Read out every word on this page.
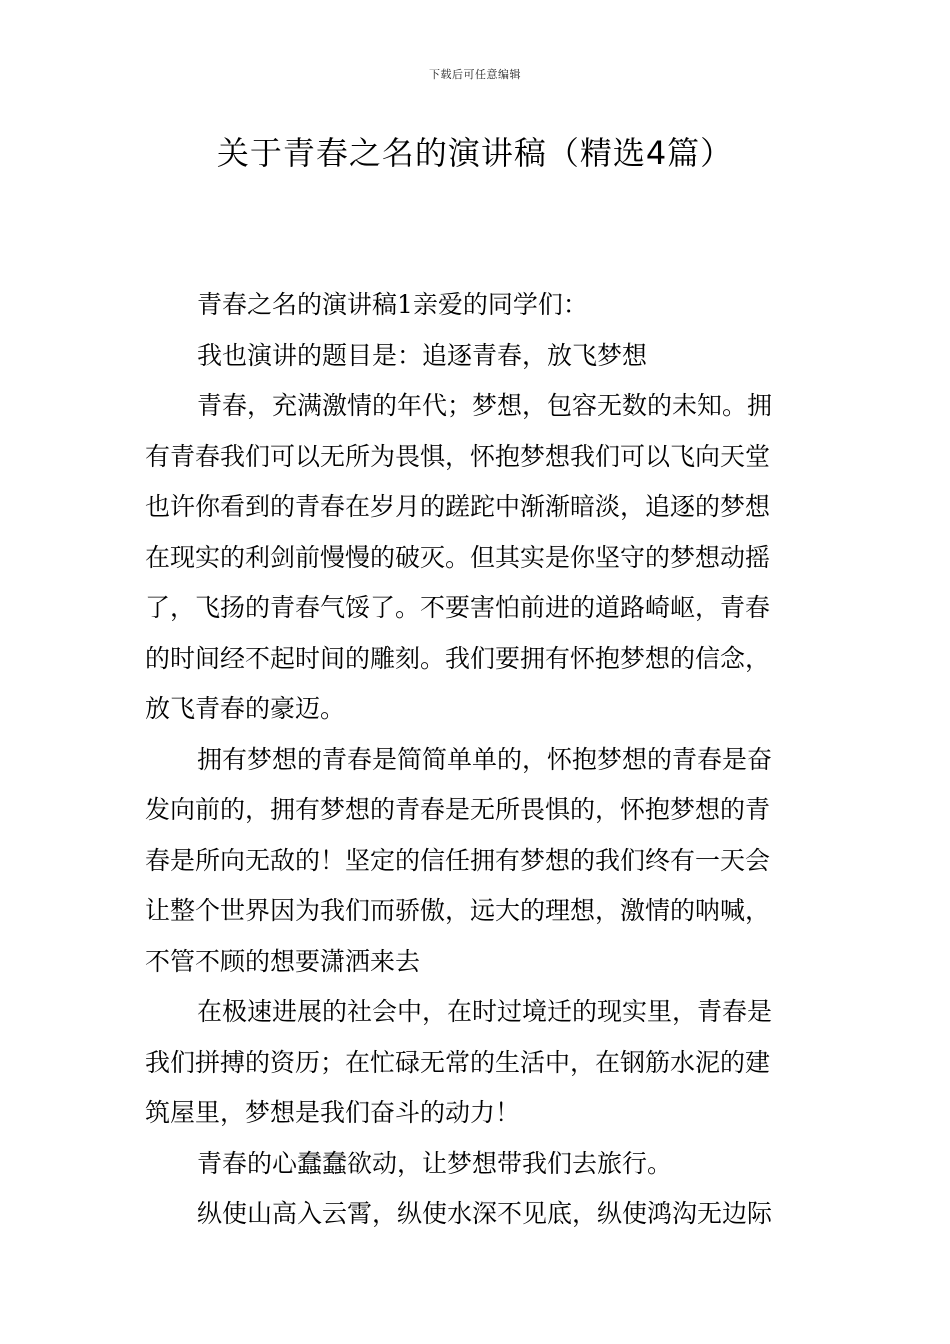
下载后可任意编辑
关于青春之名的演讲稿（精选4篇）
青春之名的演讲稿1亲爱的同学们：
我也演讲的题目是：追逐青春，放飞梦想
青春，充满激情的年代；梦想，包容无数的未知。拥
有青春我们可以无所为畏惧，怀抱梦想我们可以飞向天堂
也许你看到的青春在岁月的蹉跎中渐渐暗淡，追逐的梦想
在现实的利剑前慢慢的破灭。但其实是你坚守的梦想动摇
了，飞扬的青春气馁了。不要害怕前进的道路崎岖，青春
的时间经不起时间的雕刻。我们要拥有怀抱梦想的信念，
放飞青春的豪迈。
拥有梦想的青春是简简单单的，怀抱梦想的青春是奋
发向前的，拥有梦想的青春是无所畏惧的，怀抱梦想的青
春是所向无敌的！坚定的信任拥有梦想的我们终有一天会
让整个世界因为我们而骄傲，远大的理想，激情的呐喊，
不管不顾的想要潇洒来去
在极速进展的社会中，在时过境迁的现实里，青春是
我们拼搏的资历；在忙碌无常的生活中，在钢筋水泥的建
筑屋里，梦想是我们奋斗的动力！
青春的心蠢蠢欲动，让梦想带我们去旅行。
纵使山高入云霄，纵使水深不见底，纵使鸿沟无边际
